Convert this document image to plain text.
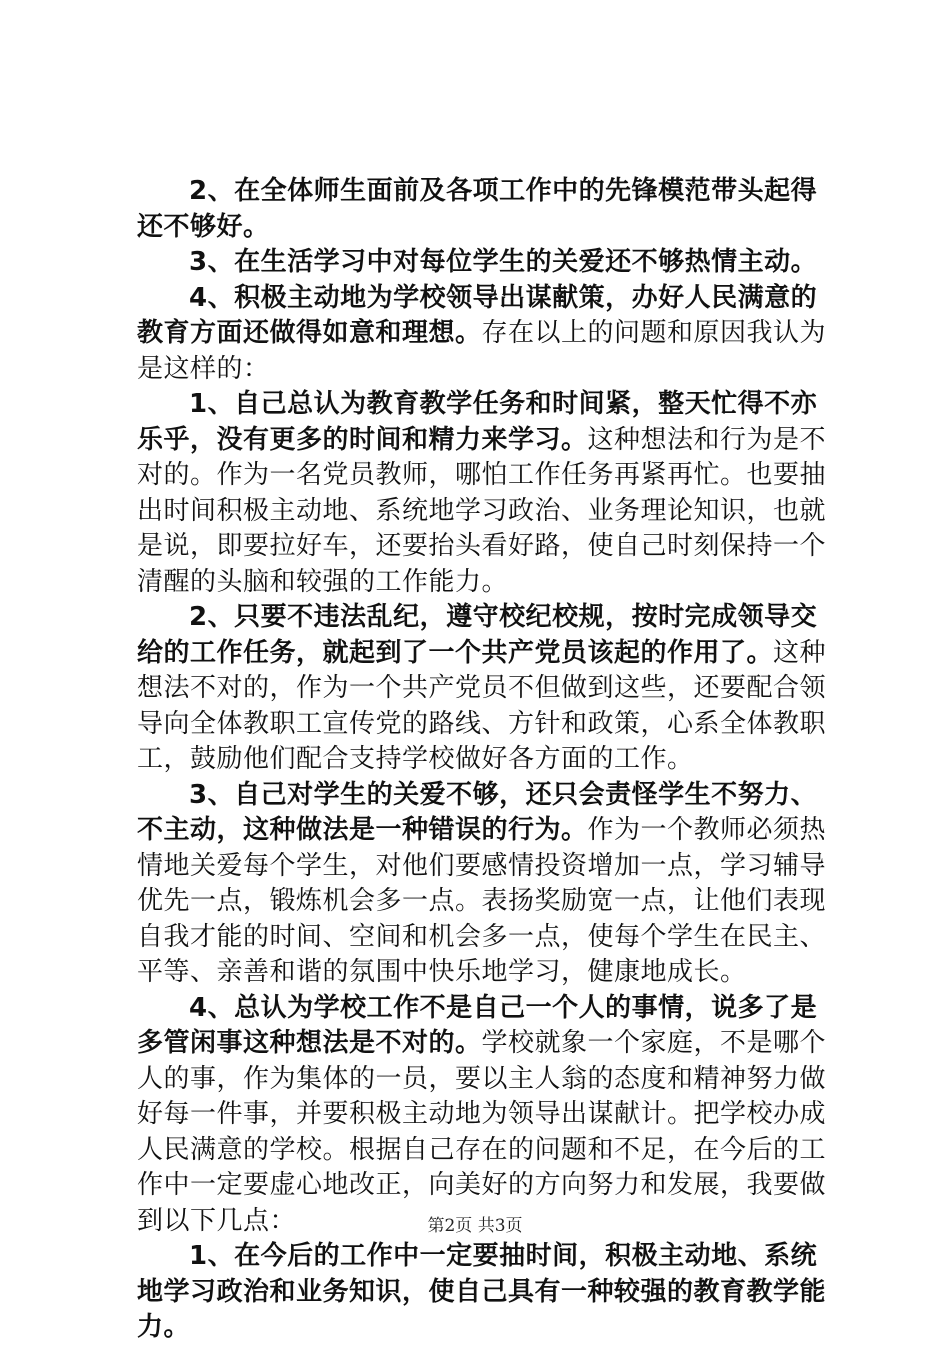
2、在全体师生面前及各项工作中的先锋模范带头起得还不够好。

3、在生活学习中对每位学生的关爱还不够热情主动。

4、积极主动地为学校领导出谋献策，办好人民满意的教育方面还做得如意和理想。存在以上的问题和原因我认为是这样的：

1、自己总认为教育教学任务和时间紧，整天忙得不亦乐乎，没有更多的时间和精力来学习。这种想法和行为是不对的。作为一名党员教师，哪怕工作任务再紧再忙。也要抽出时间积极主动地、系统地学习政治、业务理论知识，也就是说，即要拉好车，还要抬头看好路，使自己时刻保持一个清醒的头脑和较强的工作能力。

2、只要不违法乱纪，遵守校纪校规，按时完成领导交给的工作任务，就起到了一个共产党员该起的作用了。这种想法不对的，作为一个共产党员不但做到这些，还要配合领导向全体教职工宣传党的路线、方针和政策，心系全体教职工，鼓励他们配合支持学校做好各方面的工作。

3、自己对学生的关爱不够，还只会责怪学生不努力、不主动，这种做法是一种错误的行为。作为一个教师必须热情地关爱每个学生，对他们要感情投资增加一点，学习辅导优先一点，锻炼机会多一点。表扬奖励宽一点，让他们表现自我才能的时间、空间和机会多一点，使每个学生在民主、平等、亲善和谐的氛围中快乐地学习，健康地成长。

4、总认为学校工作不是自己一个人的事情，说多了是多管闲事这种想法是不对的。学校就象一个家庭，不是哪个人的事，作为集体的一员，要以主人翁的态度和精神努力做好每一件事，并要积极主动地为领导出谋献计。把学校办成人民满意的学校。根据自己存在的问题和不足，在今后的工作中一定要虚心地改正，向美好的方向努力和发展，我要做到以下几点：

1、在今后的工作中一定要抽时间，积极主动地、系统地学习政治和业务知识，使自己具有一种较强的教育教学能力。

第2页 共3页
